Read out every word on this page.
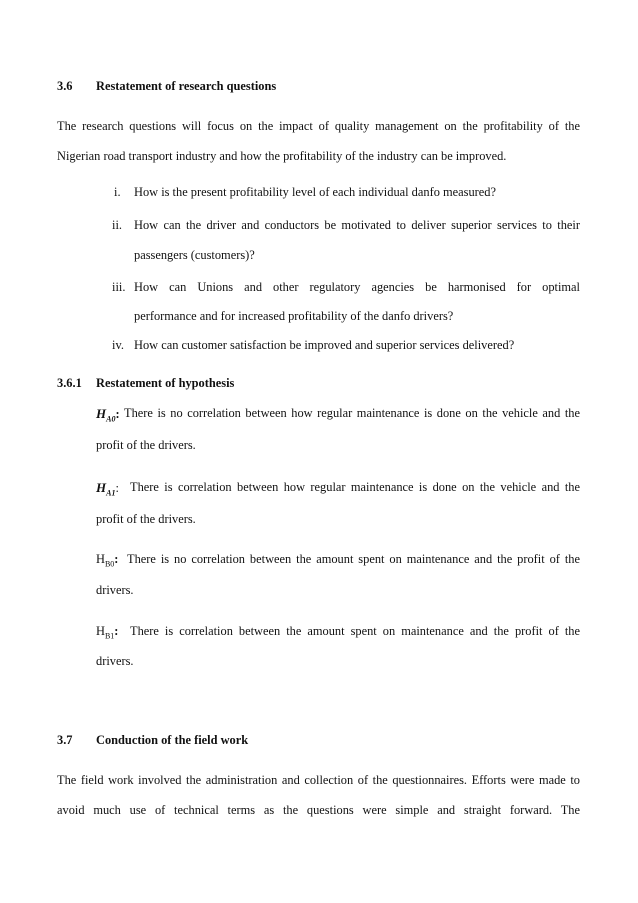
3.6 Restatement of research questions
The research questions will focus on the impact of quality management on the profitability of the
Nigerian road transport industry and how the profitability of the industry can be improved.
i.	How is the present profitability level of each individual danfo measured?
ii. How can the driver and conductors be motivated to deliver superior services to their
passengers (customers)?
iii. How can Unions and other regulatory agencies be harmonised for optimal
performance and for increased profitability of the danfo drivers?
iv. How can customer satisfaction be improved and superior services delivered?
3.6.1 Restatement of hypothesis
$H_{A0}$: There is no correlation between how regular maintenance is done on the vehicle and the
profit of the drivers.
$H_{A1}$: There is correlation between how regular maintenance is done on the vehicle and the
profit of the drivers.
$H_{B0}$: There is no correlation between the amount spent on maintenance and the profit of the
drivers.
$H_{B1}$: There is correlation between the amount spent on maintenance and the profit of the
drivers.
3.7 Conduction of the field work
The field work involved the administration and collection of the questionnaires. Efforts were made to
avoid much use of technical terms as the questions were simple and straight forward. The
